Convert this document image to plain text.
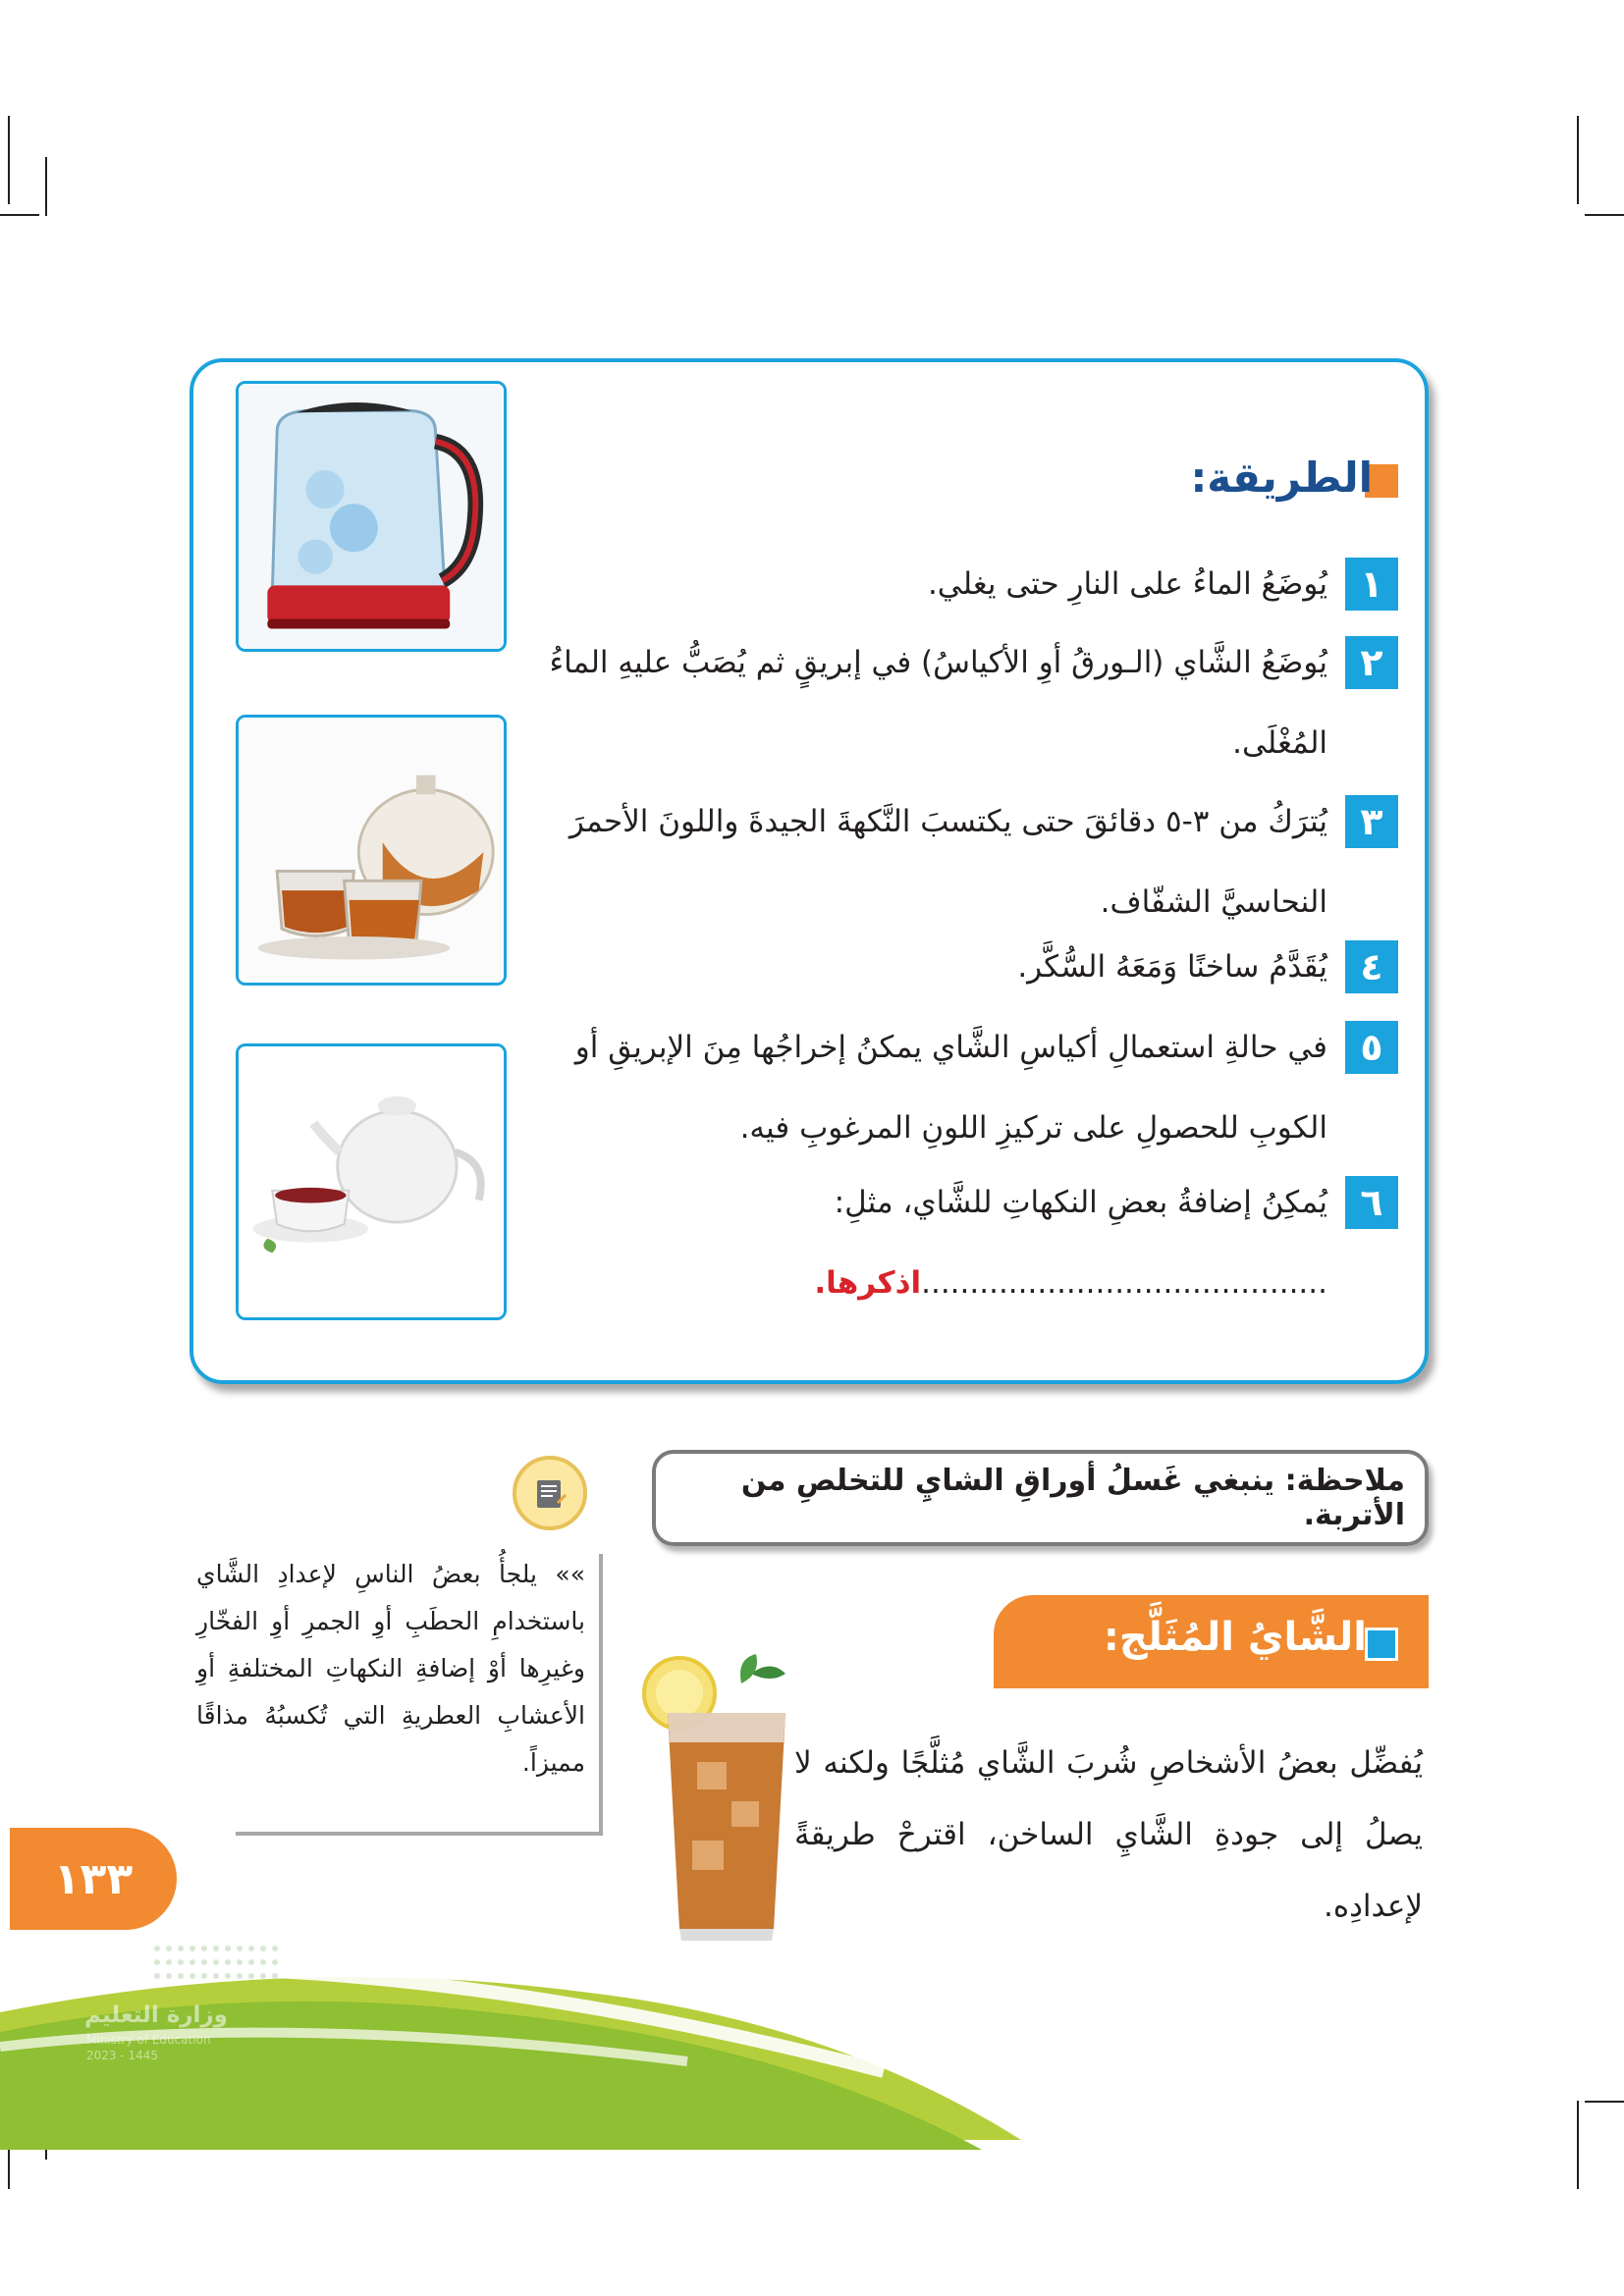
الطريقة:
١
يُوضَعُ الماءُ على النارِ حتى يغلي.
٢
يُوضَعُ الشَّاي (الـورقُ أوِ الأكياسُ) في إبريقٍ ثم يُصَبُّ عليهِ الماءُ المُغْلَى.
٣
يُترَكُ من ٣-٥ دقائقَ حتى يكتسبَ النَّكهةَ الجيدةَ واللونَ الأحمرَ النحاسيَّ الشفّاف.
٤
يُقَدَّمُ ساخنًا وَمَعَهُ السُّكَّر.
٥
في حالةِ استعمالِ أكياسِ الشَّاي يمكنُ إخراجُها مِنَ الإبريقِ أو الكوبِ للحصولِ على تركيزِ اللونِ المرغوبِ فيه.
٦
يُمكِنُ إضافةُ بعضِ النكهاتِ للشَّاي، مثلِ: ..........................................اذكرها.
ملاحظة: ينبغي غَسلُ أوراقِ الشايِ للتخلصِ من الأتربة.
»» يلجأُ بعضُ الناسِ لإعدادِ الشَّاي باستخدامِ الحطَبِ أوِ الجمرِ أوِ الفخّارِ وغيرِها أوْ إضافةِ النكهاتِ المختلفةِ أوِ الأعشابِ العطريةِ التي تُكسبُهُ مذاقًا مميزاً.
الشَّايُ المُثَلَّج:
يُفضِّل بعضُ الأشخاصِ شُربَ الشَّاي مُثلَّجًا ولكنه لا يصلُ إلى جودةِ الشَّايِ الساخن، اقترحْ طريقةً لإعدادِه.
١٣٣
وزارة التعليم
Ministry of Education
2023 - 1445
